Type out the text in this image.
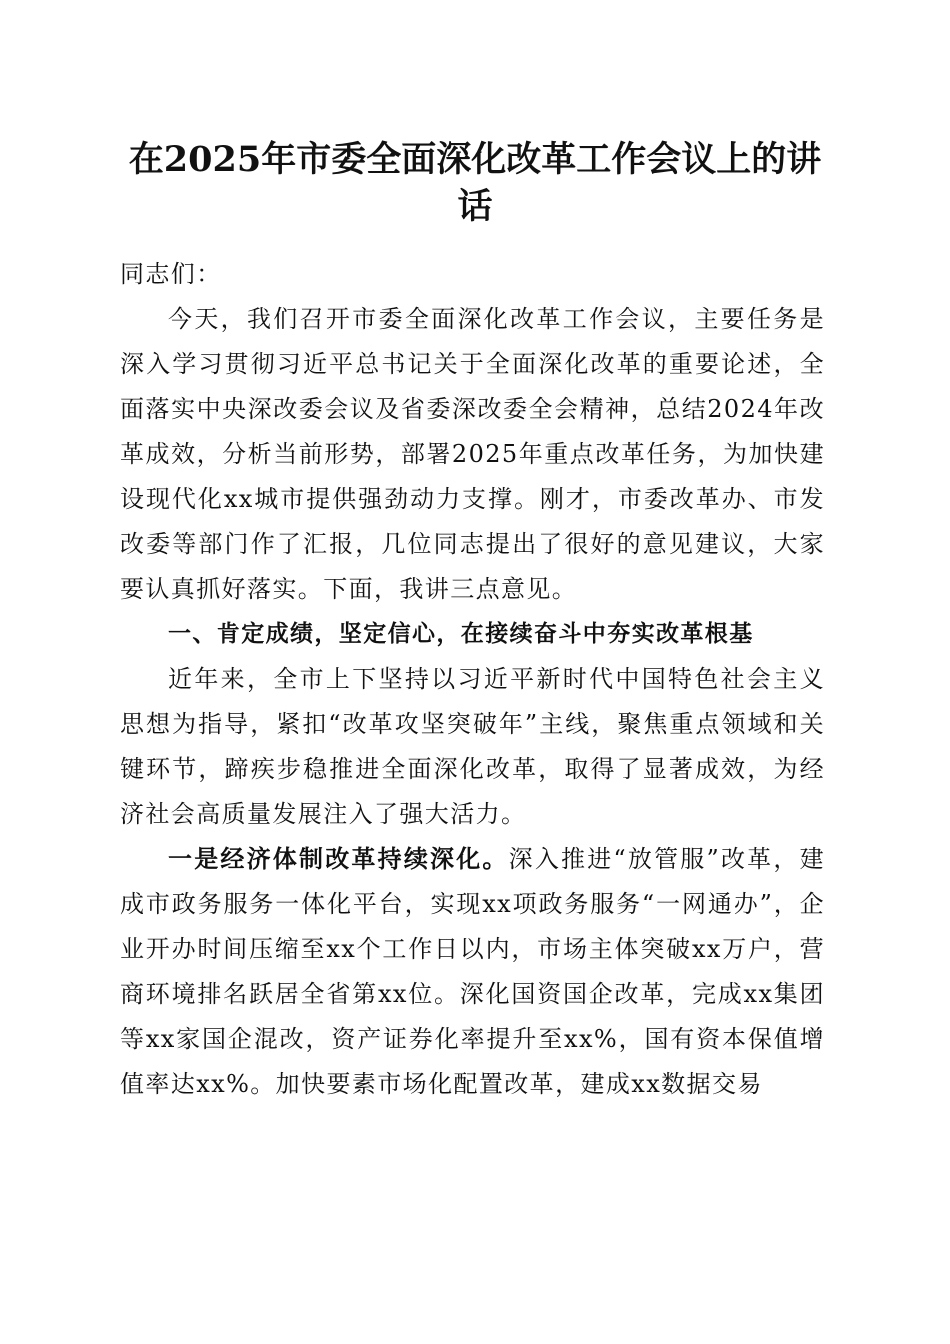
在2025年市委全面深化改革工作会议上的讲话

同志们：

今天，我们召开市委全面深化改革工作会议，主要任务是深入学习贯彻习近平总书记关于全面深化改革的重要论述，全面落实中央深改委会议及省委深改委全会精神，总结2024年改革成效，分析当前形势，部署2025年重点改革任务，为加快建设现代化xx城市提供强劲动力支撑。刚才，市委改革办、市发改委等部门作了汇报，几位同志提出了很好的意见建议，大家要认真抓好落实。下面，我讲三点意见。

一、肯定成绩，坚定信心，在接续奋斗中夯实改革根基

近年来，全市上下坚持以习近平新时代中国特色社会主义思想为指导，紧扣“改革攻坚突破年”主线，聚焦重点领域和关键环节，蹄疾步稳推进全面深化改革，取得了显著成效，为经济社会高质量发展注入了强大活力。

一是经济体制改革持续深化。深入推进“放管服”改革，建成市政务服务一体化平台，实现xx项政务服务“一网通办”，企业开办时间压缩至xx个工作日以内，市场主体突破xx万户，营商环境排名跃居全省第xx位。深化国资国企改革，完成xx集团等xx家国企混改，资产证券化率提升至xx%，国有资本保值增值率达xx%。加快要素市场化配置改革，建成xx数据交易
